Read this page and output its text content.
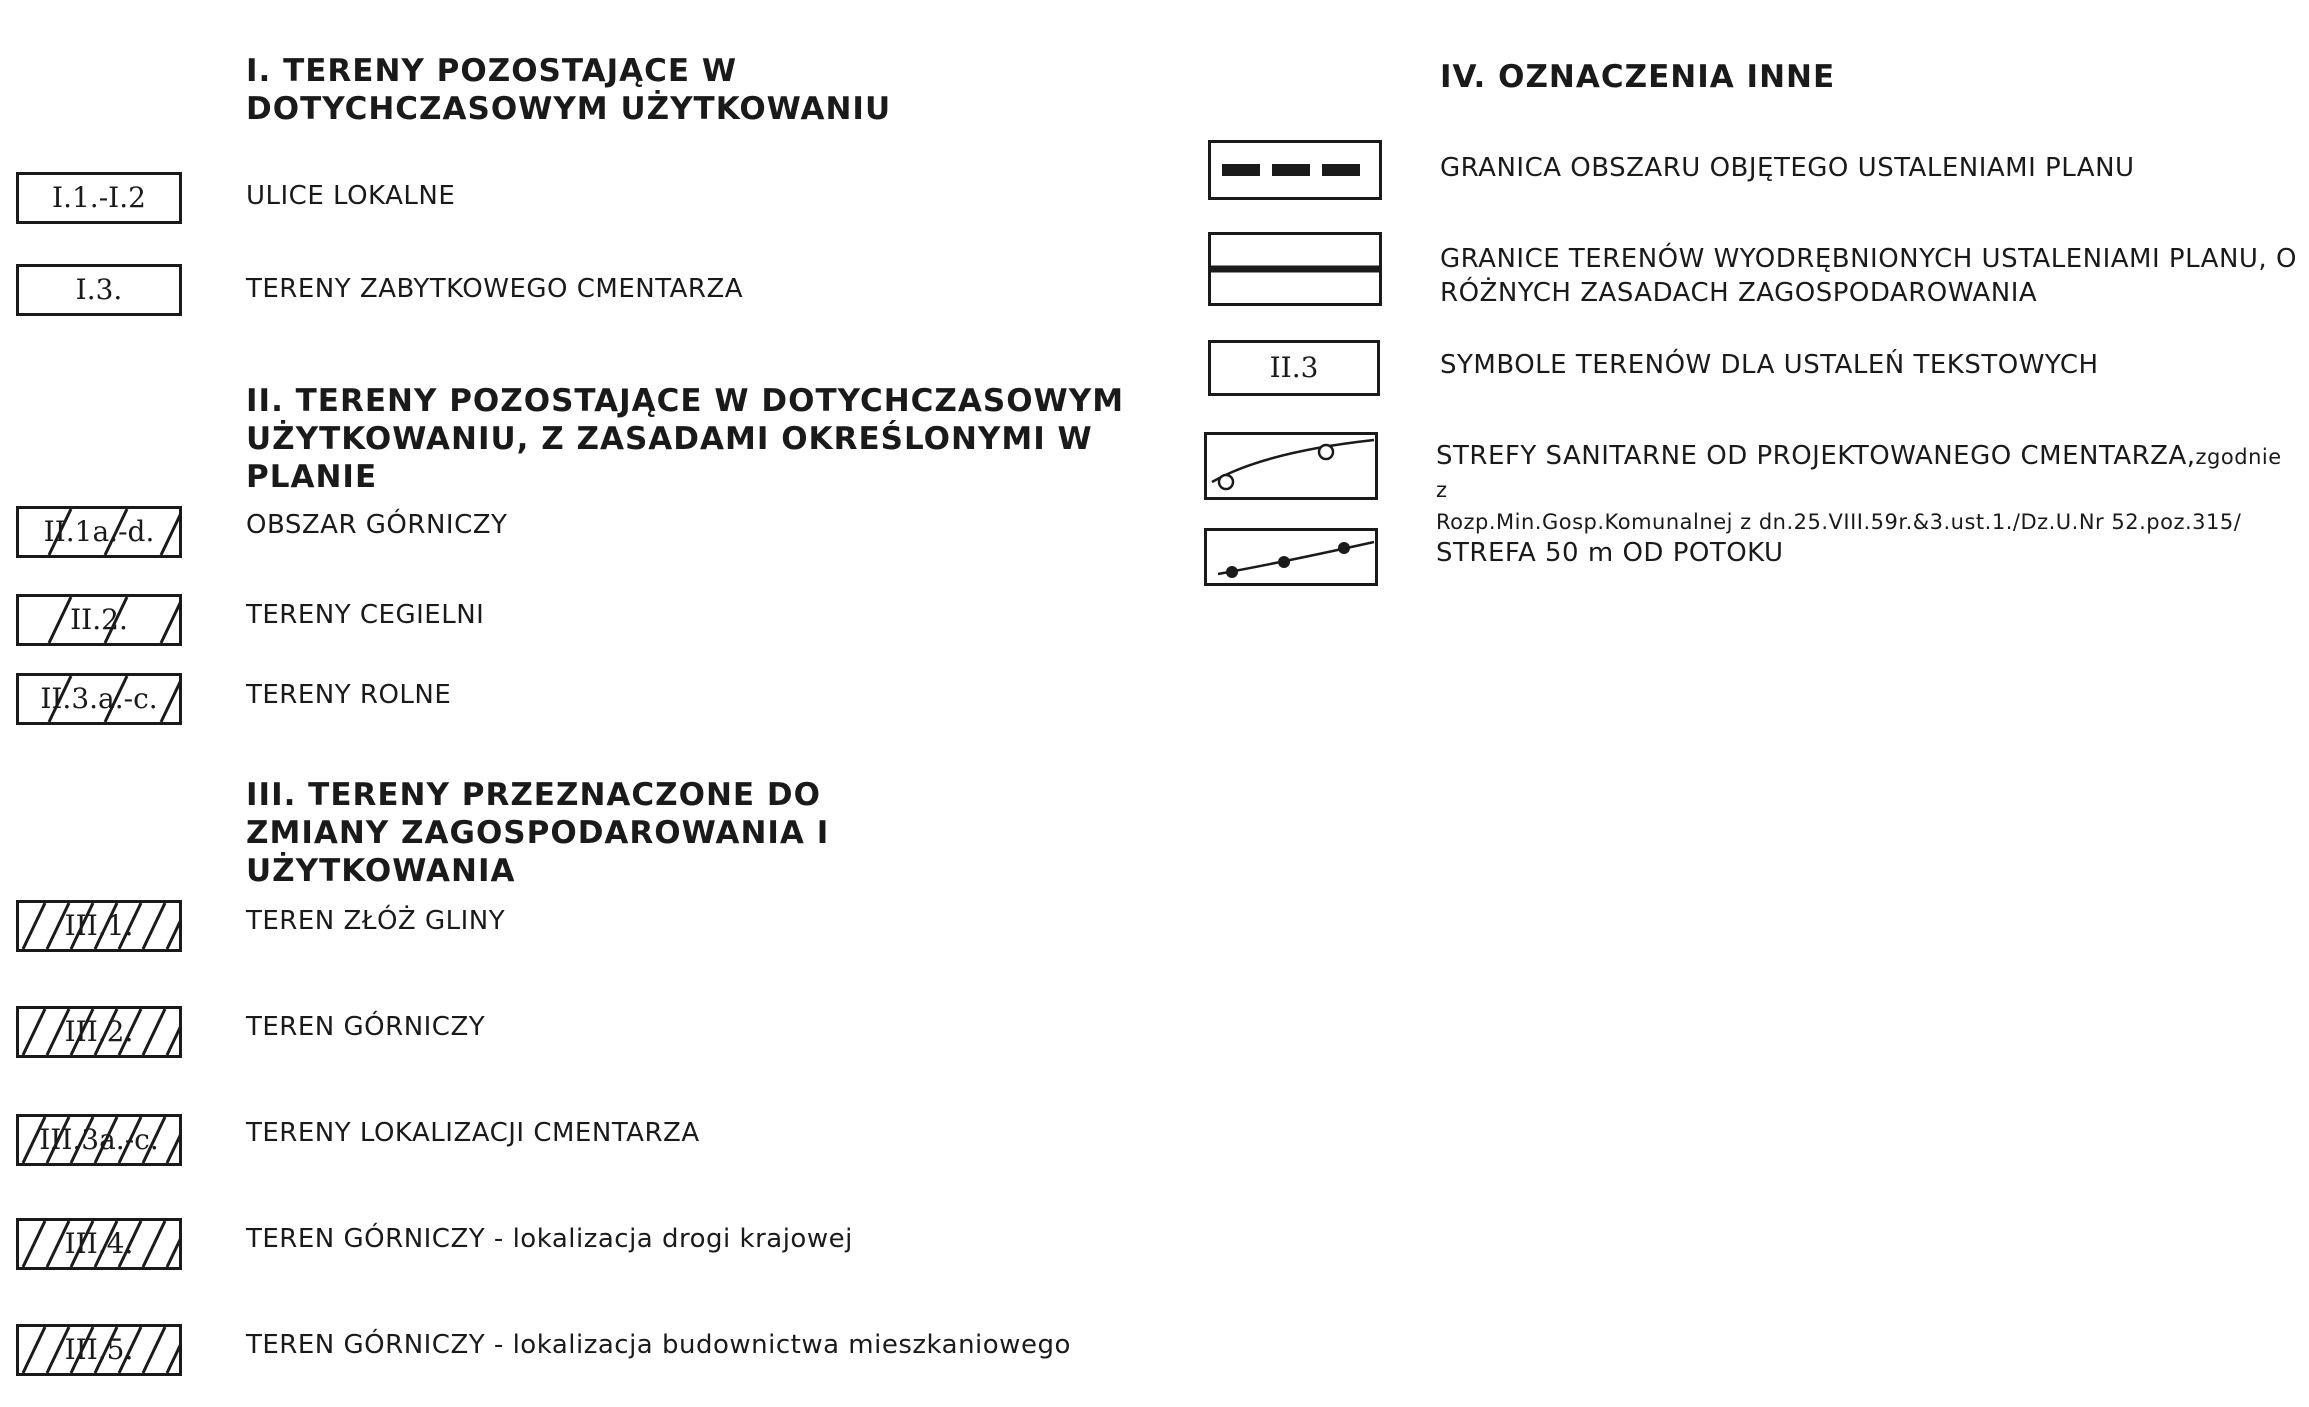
I. TERENY POZOSTAJĄCE W DOTYCHCZASOWYM UŻYTKOWANIU
I.1.-I.2	ULICE LOKALNE
I.3.	TERENY ZABYTKOWEGO CMENTARZA
II. TERENY POZOSTAJĄCE W DOTYCHCZASOWYM UŻYTKOWANIU, Z ZASADAMI OKREŚLONYMI W PLANIE
II.1a.-d.	OBSZAR GÓRNICZY
II.2.	TERENY CEGIELNI
II.3.a.-c.	TERENY ROLNE
III. TERENY PRZEZNACZONE DO ZMIANY ZAGOSPODAROWANIA I UŻYTKOWANIA
III.1.	TEREN ZŁÓŻ GLINY
III.2.	TEREN GÓRNICZY
III.3a.-c.	TERENY LOKALIZACJI CMENTARZA
III.4.	TEREN GÓRNICZY - lokalizacja drogi krajowej
III.5.	TEREN GÓRNICZY - lokalizacja budownictwa mieszkaniowego
IV. OZNACZENIA INNE
GRANICA OBSZARU OBJĘTEGO USTALENIAMI PLANU
GRANICE TERENÓW WYODRĘBNIONYCH USTALENIAMI PLANU, O
RÓŻNYCH ZASADACH ZAGOSPODAROWANIA
II.3	SYMBOLE TERENÓW DLA USTALEŃ TEKSTOWYCH
STREFY SANITARNE OD PROJEKTOWANEGO CMENTARZA,zgodnie z
Rozp.Min.Gosp.Komunalnej z dn.25.VIII.59r.&3.ust.1./Dz.U.Nr 52.poz.315/
STREFA 50 m OD POTOKU
